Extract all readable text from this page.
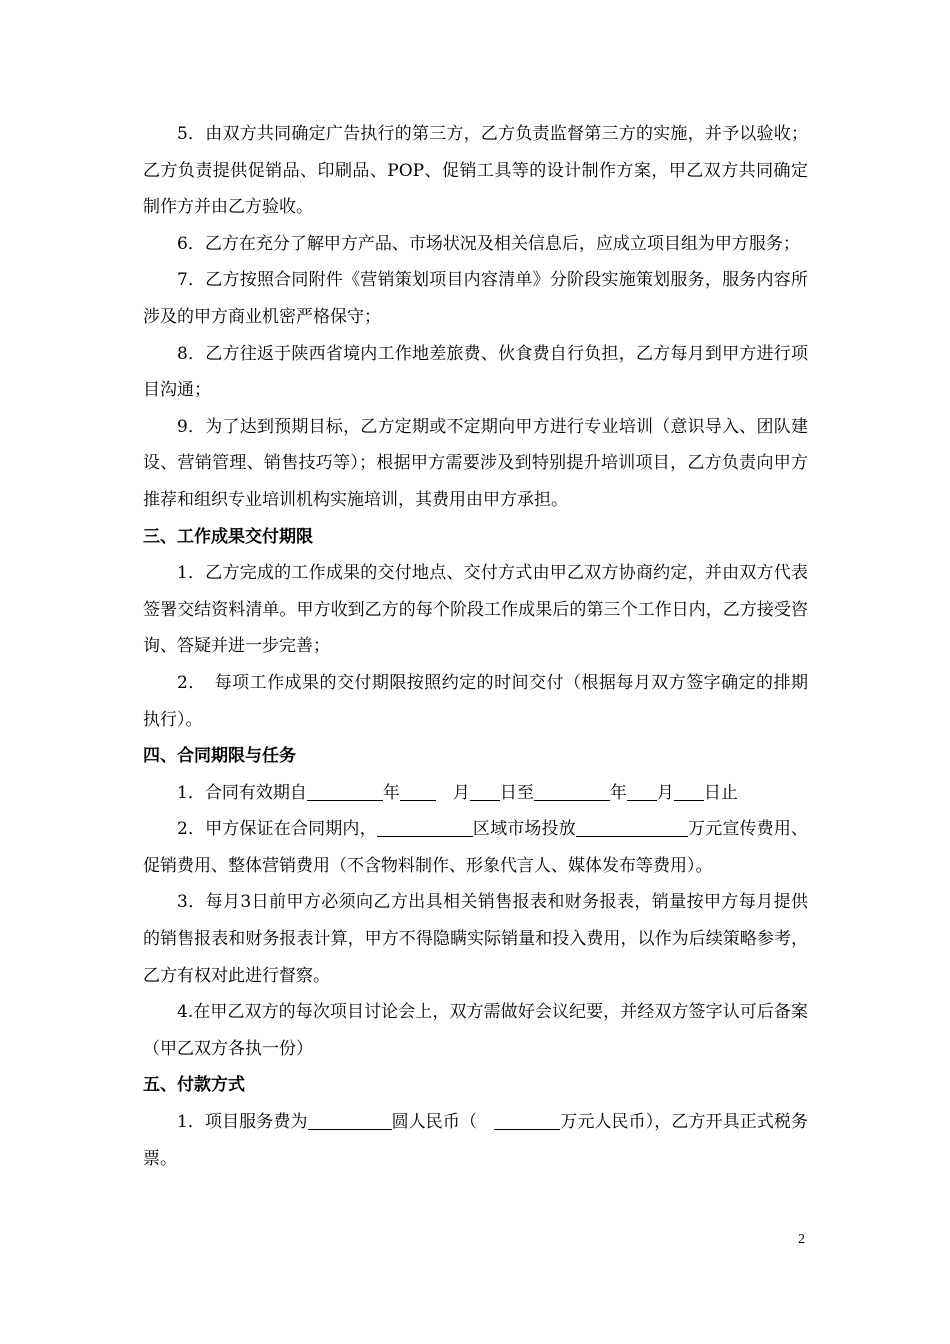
5．由双方共同确定广告执行的第三方，乙方负责监督第三方的实施，并予以验收；乙方负责提供促销品、印刷品、POP、促销工具等的设计制作方案，甲乙双方共同确定制作方并由乙方验收。

6．乙方在充分了解甲方产品、市场状况及相关信息后，应成立项目组为甲方服务；

7．乙方按照合同附件《营销策划项目内容清单》分阶段实施策划服务，服务内容所涉及的甲方商业机密严格保守；

8．乙方往返于陕西省境内工作地差旅费、伙食费自行负担，乙方每月到甲方进行项目沟通；

9．为了达到预期目标，乙方定期或不定期向甲方进行专业培训（意识导入、团队建设、营销管理、销售技巧等）；根据甲方需要涉及到特别提升培训项目，乙方负责向甲方推荐和组织专业培训机构实施培训，其费用由甲方承担。

三、工作成果交付期限

1．乙方完成的工作成果的交付地点、交付方式由甲乙双方协商约定，并由双方代表签署交结资料清单。甲方收到乙方的每个阶段工作成果后的第三个工作日内，乙方接受咨询、答疑并进一步完善；

2．　每项工作成果的交付期限按照约定的时间交付（根据每月双方签字确定的排期执行）。

四、合同期限与任务

1．合同有效期自	年　月 日至	年 月 日止

2．甲方保证在合同期内，	区域市场投放	万元宣传费用、促销费用、整体营销费用（不含物料制作、形象代言人、媒体发布等费用）。

3．每月3日前甲方必须向乙方出具相关销售报表和财务报表，销量按甲方每月提供的销售报表和财务报表计算，甲方不得隐瞒实际销量和投入费用，以作为后续策略参考，乙方有权对此进行督察。

4.在甲乙双方的每次项目讨论会上，双方需做好会议纪要，并经双方签字认可后备案（甲乙双方各执一份）

五、付款方式

1．项目服务费为	圆人民币（　	万元人民币），乙方开具正式税务票。

2
